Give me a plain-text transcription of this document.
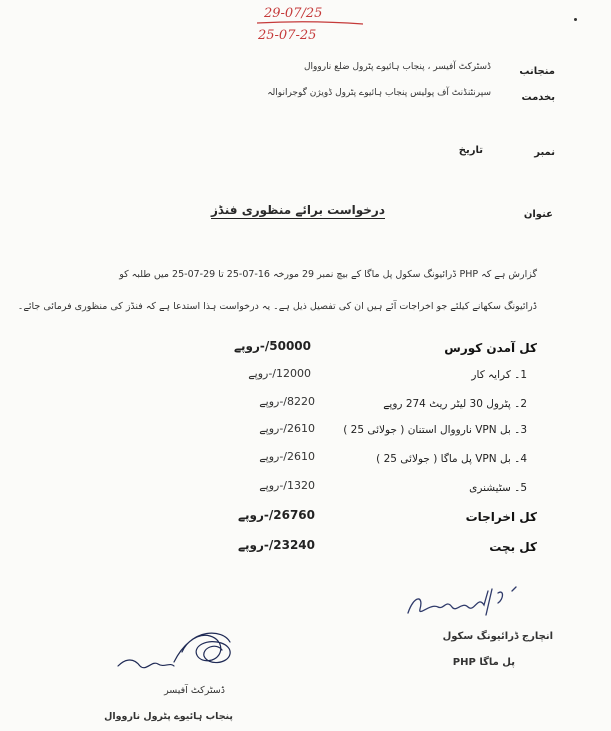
29-07/25
25-07-25
منجانب
ڈسٹرکٹ آفیسر ، پنجاب ہائیوے پٹرول ضلع نارووال
بخدمت
سپرنٹنڈنٹ آف پولیس پنجاب ہائیوے پٹرول ڈویژن گوجرانوالہ
نمبر
تاریخ
عنوان
درخواست برائے منظوری فنڈز
گزارش ہے کہ PHP ڈرائیونگ سکول پل ماگا کے بیچ نمبر 29 مورخہ 16-07-25 تا 29-07-25 میں طلبہ کو
ڈرائیونگ سکھانے کیلئے جو اخراجات آئے ہیں ان کی تفصیل ذیل ہے۔ یہ درخواست ہذا استدعا ہے کہ فنڈز کی منظوری فرمائی جائے۔
کل آمدن کورس
50000/-روپے
1۔ کرایہ کار
12000/-روپے
2۔ پٹرول 30 لیٹر ریٹ 274 روپے
8220/-روپے
3۔ بل VPN نارووال استنان ( جولائی 25 )
2610/-روپے
4۔ بل VPN پل ماگا ( جولائی 25 )
2610/-روپے
5۔ سٹیشنری
1320/-روپے
کل اخراجات
26760/-روپے
کل بچت
23240/-روپے
انچارج ڈرائیونگ سکول
PHP پل ماگا
ڈسٹرکٹ آفیسر
پنجاب ہائیوے پٹرول نارووال
